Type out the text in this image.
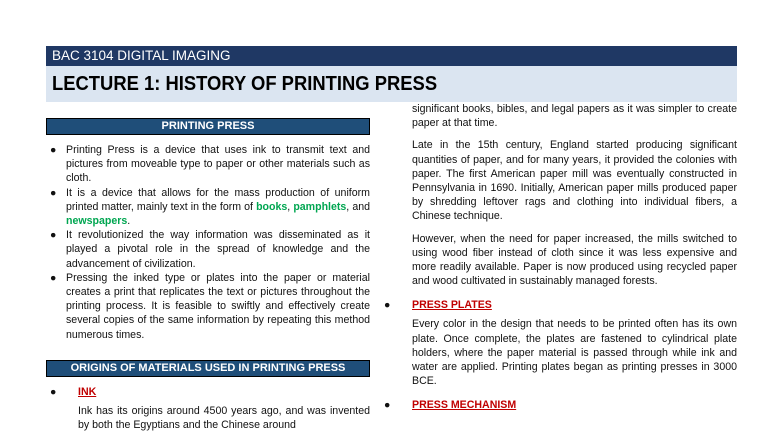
BAC 3104 DIGITAL IMAGING
LECTURE 1: HISTORY OF PRINTING PRESS
PRINTING PRESS
● Printing Press is a device that uses ink to transmit text and pictures from moveable type to paper or other materials such as cloth.
● It is a device that allows for the mass production of uniform printed matter, mainly text in the form of books, pamphlets, and newspapers.
● It revolutionized the way information was disseminated as it played a pivotal role in the spread of knowledge and the advancement of civilization.
● Pressing the inked type or plates into the paper or material creates a print that replicates the text or pictures throughout the printing process. It is feasible to swiftly and effectively create several copies of the same information by repeating this method numerous times.
ORIGINS OF MATERIALS USED IN PRINTING PRESS
● INK

Ink has its origins around 4500 years ago, and was invented by both the Egyptians and the Chinese around

significant books, bibles, and legal papers as it was simpler to create paper at that time.

Late in the 15th century, England started producing significant quantities of paper, and for many years, it provided the colonies with paper. The first American paper mill was eventually constructed in Pennsylvania in 1690. Initially, American paper mills produced paper by shredding leftover rags and clothing into individual fibers, a Chinese technique.

However, when the need for paper increased, the mills switched to using wood fiber instead of cloth since it was less expensive and more readily available. Paper is now produced using recycled paper and wood cultivated in sustainably managed forests.

● PRESS PLATES

Every color in the design that needs to be printed often has its own plate. Once complete, the plates are fastened to cylindrical plate holders, where the paper material is passed through while ink and water are applied. Printing plates began as printing presses in 3000 BCE.

● PRESS MECHANISM
